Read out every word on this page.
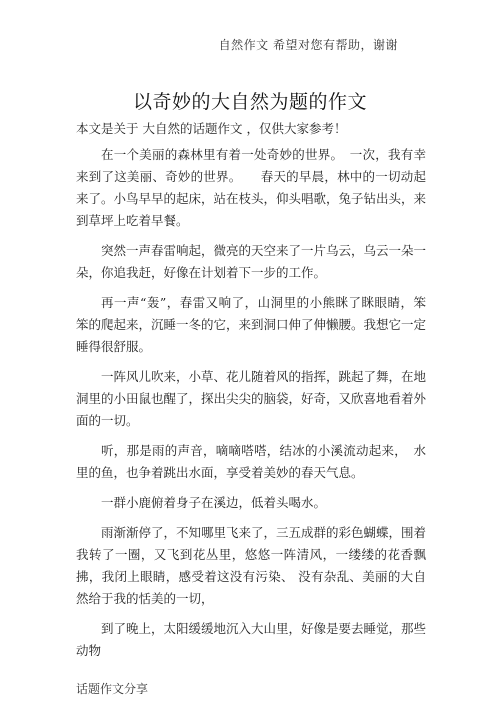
自然作文 希望对您有帮助，谢谢
以奇妙的大自然为题的作文

本文是关于 大自然的话题作文 ，仅供大家参考！

在一个美丽的森林里有着一处奇妙的世界。　一次，我有幸来到了这美丽、奇妙的世界。　　春天的早晨，林中的一切动起来了。小鸟早早的起床，站在枝头，仰头唱歌，兔子钻出头，来到草坪上吃着早餐。

突然一声春雷响起，微亮的天空来了一片乌云，乌云一朵一朵，你追我赶，好像在计划着下一步的工作。

再一声“轰”，春雷又响了，山洞里的小熊眯了眯眼睛，笨笨的爬起来，沉睡一冬的它，来到洞口伸了伸懒腰。我想它一定睡得很舒服。

一阵风儿吹来，小草、花儿随着风的指挥，跳起了舞，在地洞里的小田鼠也醒了，探出尖尖的脑袋，好奇，又欣喜地看着外面的一切。

听，那是雨的声音，嘀嘀嗒嗒，结冰的小溪流动起来，　水里的鱼，也争着跳出水面，享受着美妙的春天气息。

一群小鹿俯着身子在溪边，低着头喝水。

雨渐渐停了，不知哪里飞来了，三五成群的彩色蝴蝶，围着我转了一圈，又飞到花丛里，悠悠一阵清风，一缕缕的花香飘拂，我闭上眼睛，感受着这没有污染、 没有杂乱、美丽的大自然给于我的恬美的一切，

到了晚上，太阳缓缓地沉入大山里，好像是要去睡觉，那些动物

话题作文分享
